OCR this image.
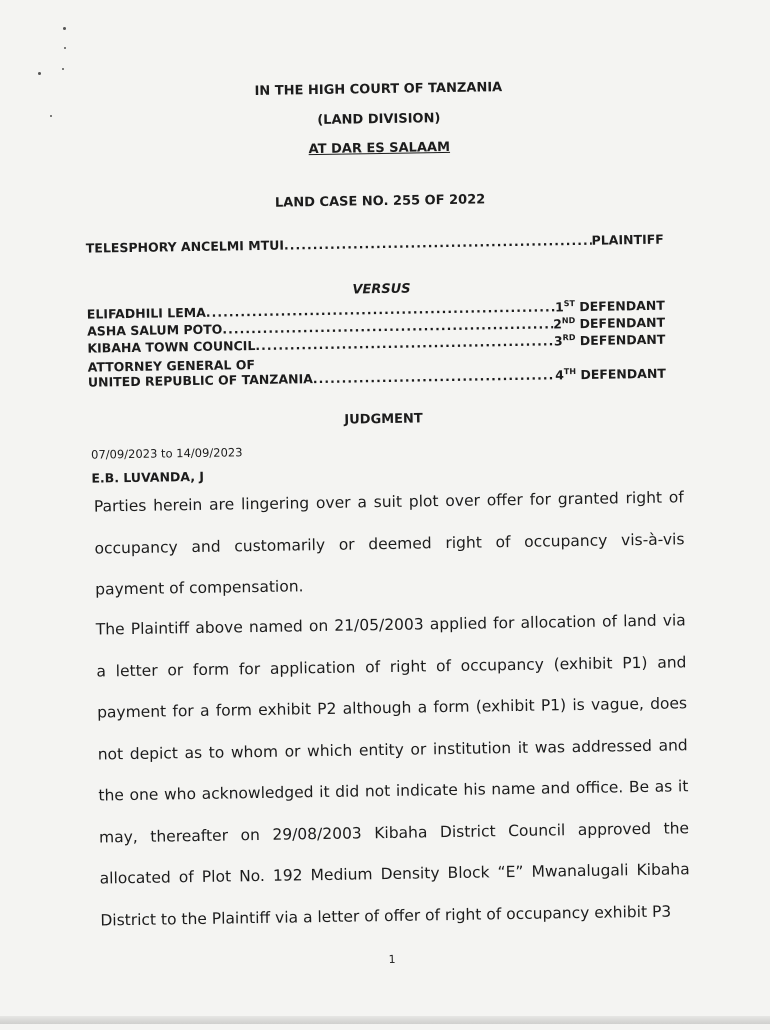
IN THE HIGH COURT OF TANZANIA
(LAND DIVISION)
AT DAR ES SALAAM
LAND CASE NO. 255 OF 2022
TELESPHORY ANCELMI MTUI .....	PLAINTIFF
VERSUS
ELIFADHILI LEMA .....	1ST DEFENDANT
ASHA SALUM POTO .....	2ND DEFENDANT
KIBAHA TOWN COUNCIL .....	3RD DEFENDANT
ATTORNEY GENERAL OF
UNITED REPUBLIC OF TANZANIA .....	4TH DEFENDANT
JUDGMENT
07/09/2023 to 14/09/2023
E.B. LUVANDA, J
Parties herein are lingering over a suit plot over offer for granted right of occupancy and customarily or deemed right of occupancy vis-à-vis payment of compensation.
The Plaintiff above named on 21/05/2003 applied for allocation of land via a letter or form for application of right of occupancy (exhibit P1) and payment for a form exhibit P2 although a form (exhibit P1) is vague, does not depict as to whom or which entity or institution it was addressed and the one who acknowledged it did not indicate his name and office. Be as it may, thereafter on 29/08/2003 Kibaha District Council approved the allocated of Plot No. 192 Medium Density Block “E” Mwanalugali Kibaha District to the Plaintiff via a letter of offer of right of occupancy exhibit P3
1
